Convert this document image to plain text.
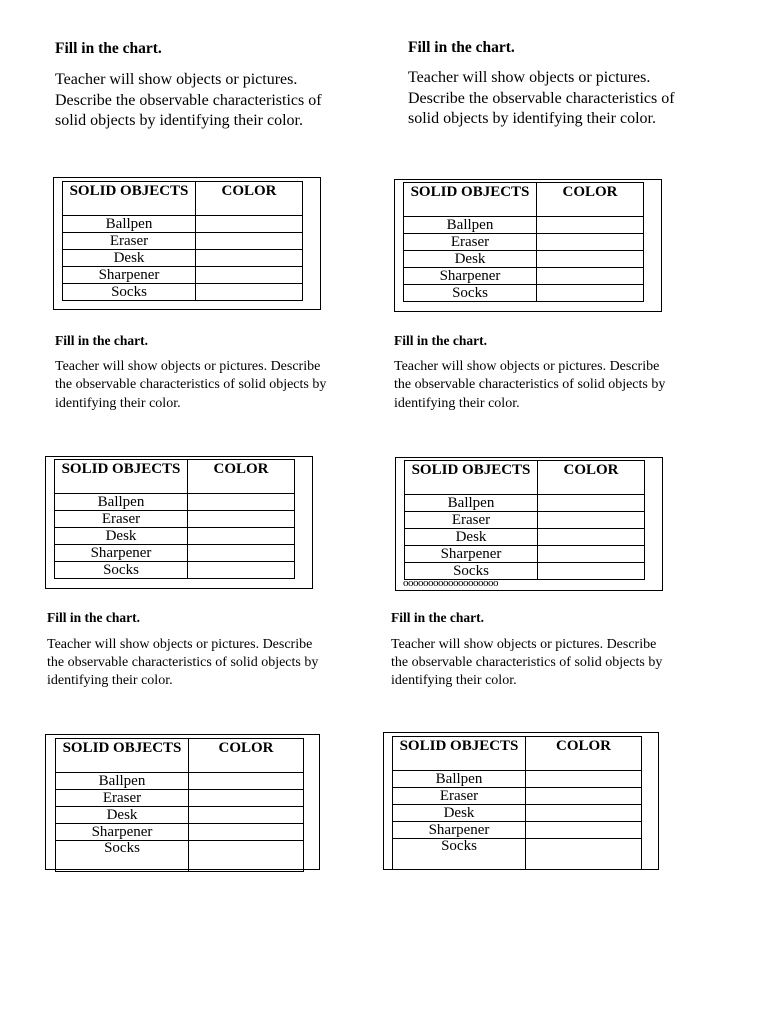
Fill in the chart.

Teacher will show objects or pictures. Describe the observable characteristics of solid objects by identifying their color.

SOLID OBJECTS	COLOR
Ballpen	
Eraser	
Desk	
Sharpener	
Socks	
Fill in the chart.

Teacher will show objects or pictures. Describe the observable characteristics of solid objects by identifying their color.

SOLID OBJECTS	COLOR
Ballpen	
Eraser	
Desk	
Sharpener	
Socks	
Fill in the chart.

Teacher will show objects or pictures. Describe the observable characteristics of solid objects by identifying their color.

SOLID OBJECTS	COLOR
Ballpen	
Eraser	
Desk	
Sharpener	
Socks	
Fill in the chart.

Teacher will show objects or pictures. Describe the observable characteristics of solid objects by identifying their color.

SOLID OBJECTS	COLOR
Ballpen	
Eraser	
Desk	
Sharpener	
Socks	
ooooooooooooooooooo
Fill in the chart.

Teacher will show objects or pictures. Describe the observable characteristics of solid objects by identifying their color.

SOLID OBJECTS	COLOR
Ballpen	
Eraser	
Desk	
Sharpener	
Socks	
Fill in the chart.

Teacher will show objects or pictures. Describe the observable characteristics of solid objects by identifying their color.

SOLID OBJECTS	COLOR
Ballpen	
Eraser	
Desk	
Sharpener	
Socks	
